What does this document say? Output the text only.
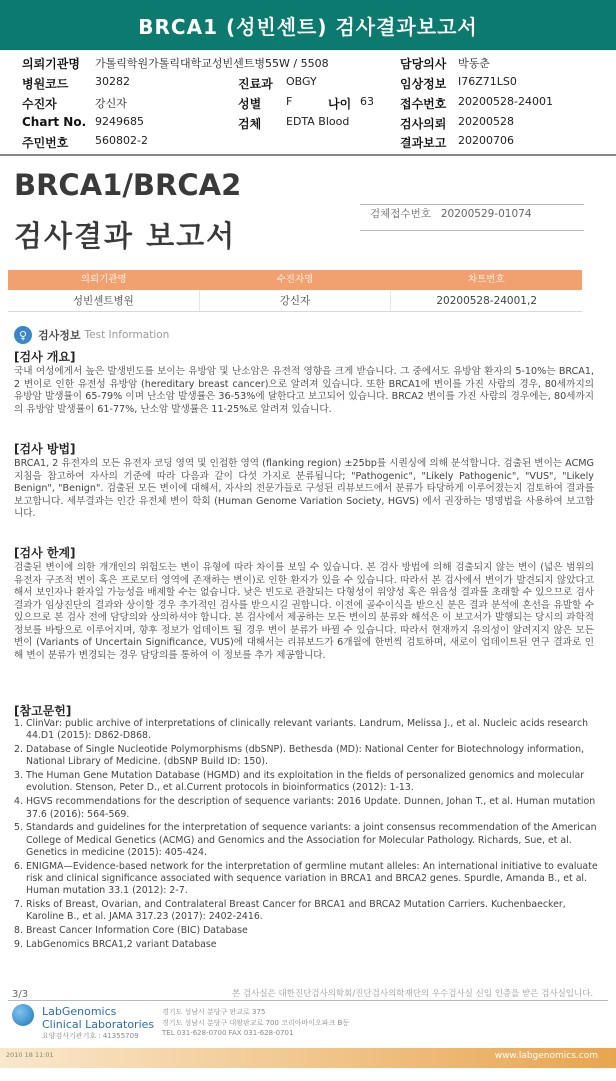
BRCA1 (성빈센트) 검사결과보고서
의뢰기관명 가톨릭학원가톨릭대학교성빈센트병55W / 5508	담당의사 박동춘
병원코드 30282	진료과 OBGY	임상정보 I76Z71LS0
수진자	강신자	성별 F	나이 63 접수번호 20200528-24001
Chart No. 9249685	검체 EDTA Blood	검사의뢰 20200528
주민번호 560802-2	결과보고 20200706
BRCA1/BRCA2
검사결과 보고서
검체접수번호 20200529-01074
의뢰기관명	수진자명	차트번호
성빈센트병원	강신자	20200528-24001,2
♀ 검사정보 Test Information
[검사 개요]
국내 여성에게서 높은 발생빈도를 보이는 유방암 및 난소암은 유전적 영향을 크게 받습니다. 그 중에서도 유방암 환자의 5-10%는 BRCA1, 2 변이로 인한 유전성 유방암 (hereditary breast cancer)으로 알려져 있습니다. 또한 BRCA1에 변이를 가진 사람의 경우, 80세까지의 유방암 발생률이 65-79% 이며 난소암 발생률은 36-53%에 달한다고 보고되어 있습니다. BRCA2 변이를 가진 사람의 경우에는, 80세까지의 유방암 발생률이 61-77%, 난소암 발생률은 11-25%로 알려져 있습니다.
[검사 방법]
BRCA1, 2 유전자의 모든 유전자 코딩 영역 및 인접한 영역 (flanking region) ±25bp를 시퀀싱에 의해 분석합니다. 검출된 변이는 ACMG 지침을 참고하여 자사의 기준에 따라 다음과 같이 다섯 가지로 분류됩니다; "Pathogenic", "Likely Pathogenic", "VUS", "Likely Benign", "Benign". 검출된 모든 변이에 대해서, 자사의 전문가들로 구성된 리뷰보드에서 분류가 타당하게 이루어졌는지 검토하여 결과를 보고합니다. 세부결과는 인간 유전체 변이 학회 (Human Genome Variation Society, HGVS) 에서 권장하는 명명법을 사용하여 보고합니다.
[검사 한계]
검출된 변이에 의한 개개인의 위험도는 변이 유형에 따라 차이를 보일 수 있습니다. 본 검사 방법에 의해 검출되지 않는 변이 (넓은 범위의 유전자 구조적 변이 혹은 프로모터 영역에 존재하는 변이)로 인한 환자가 있을 수 있습니다. 따라서 본 검사에서 변이가 발견되지 않았다고 해서 보인자나 환자일 가능성을 배제할 수는 없습니다. 낮은 빈도로 관찰되는 다형성이 위양성 혹은 위음성 결과를 초래할 수 있으므로 검사 결과가 임상진단의 결과와 상이할 경우 추가적인 검사를 받으시길 권합니다. 이전에 골수이식을 받으신 분은 결과 분석에 혼선을 유발할 수 있으므로 본 검사 전에 담당의와 상의하셔야 합니다. 본 검사에서 제공하는 모든 변이의 분류와 해석은 이 보고서가 발행되는 당시의 과학적 정보를 바탕으로 이루어지며, 향후 정보가 업데이트 될 경우 변이 분류가 바뀔 수 있습니다. 따라서 현재까지 유의성이 알려지지 않은 모든 변이 (Variants of Uncertain Significance, VUS)에 대해서는 리뷰보드가 6개월에 한번씩 검토하며, 새로이 업데이트된 연구 결과로 인해 변이 분류가 변경되는 경우 담당의를 통하여 이 정보를 추가 제공합니다.
[참고문헌]
1. ClinVar: public archive of interpretations of clinically relevant variants. Landrum, Melissa J., et al. Nucleic acids research 44.D1 (2015): D862-D868.
2. Database of Single Nucleotide Polymorphisms (dbSNP). Bethesda (MD): National Center for Biotechnology information, National Library of Medicine. (dbSNP Build ID: 150).
3. The Human Gene Mutation Database (HGMD) and its exploitation in the fields of personalized genomics and molecular evolution. Stenson, Peter D., et al.Current protocols in bioinformatics (2012): 1-13.
4. HGVS recommendations for the description of sequence variants: 2016 Update. Dunnen, Johan T., et al. Human mutation 37.6 (2016): 564-569.
5. Standards and guidelines for the interpretation of sequence variants: a joint consensus recommendation of the American College of Medical Genetics (ACMG) and Genomics and the Association for Molecular Pathology. Richards, Sue, et al. Genetics in medicine (2015): 405-424.
6. ENIGMA—Evidence-based network for the interpretation of germline mutant alleles: An international initiative to evaluate risk and clinical significance associated with sequence variation in BRCA1 and BRCA2 genes. Spurdle, Amanda B., et al. Human mutation 33.1 (2012): 2-7.
7. Risks of Breast, Ovarian, and Contralateral Breast Cancer for BRCA1 and BRCA2 Mutation Carriers. Kuchenbaecker, Karoline B., et al. JAMA 317.23 (2017): 2402-2416.
8. Breast Cancer Information Core (BIC) Database
9. LabGenomics BRCA1,2 variant Database
3/3	본 검사실은 대한진단검사의학회/진단검사의학재단의 우수검사실 신임 인증을 받은 검사실입니다.
LabGenomics
Clinical Laboratories
요양검사기관기호 : 41355709
경기도 성남시 분당구 판교로 375
경기도 성남시 분당구 대왕판교로 700 코리아바이오파크 B동
TEL 031-628-0700 FAX 031-628-0701
2010 18 11:01	www.labgenomics.com
